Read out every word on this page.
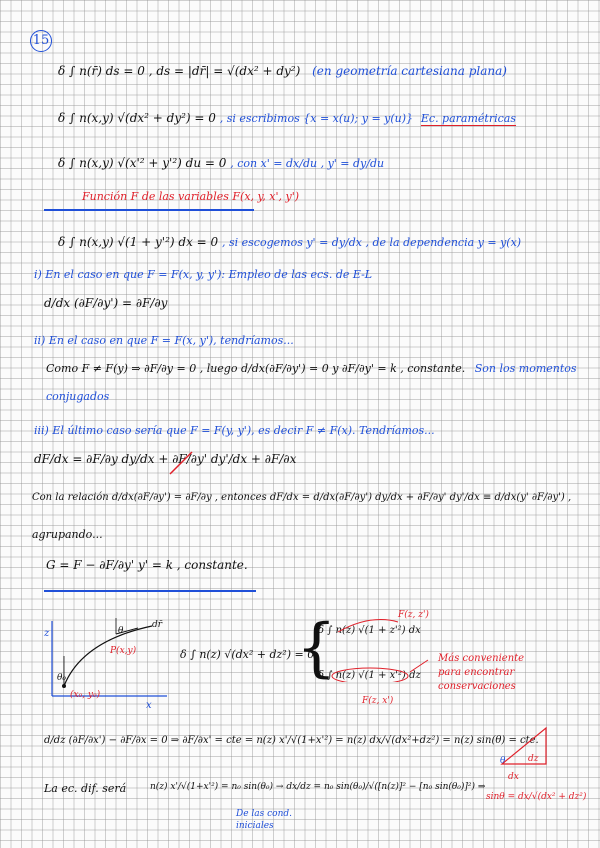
15
δ ∫ n(r̄) ds = 0 , ds = |dr̄| = √(dx² + dy²) (en geometría cartesiana plana)
δ ∫ n(x,y) √(dx² + dy²) = 0 , si escribimos {x = x(u); y = y(u)} Ec. paramétricas
δ ∫ n(x,y) √(x'² + y'²) du = 0 , con x' = dx/du , y' = dy/du
Función F de las variables F(x, y, x', y')
δ ∫ n(x,y) √(1 + y'²) dx = 0 , si escogemos y' = dy/dx , de la dependencia y = y(x)
i) En el caso en que F = F(x, y, y'): Empleo de las ecs. de E-L
d/dx (∂F/∂y') = ∂F/∂y
ii) En el caso en que F = F(x, y'), tendríamos...
Como F ≠ F(y) ⇒ ∂F/∂y = 0 , luego d/dx(∂F/∂y') = 0 y ∂F/∂y' = k , constante. Son los momentos
conjugados
iii) El último caso sería que F = F(y, y'), es decir F ≠ F(x). Tendríamos...
dF/dx = ∂F/∂y dy/dx + ∂F/∂y' dy'/dx + ∂F/∂x
Con la relación d/dx(∂F/∂y') = ∂F/∂y , entonces dF/dx = d/dx(∂F/∂y') dy/dx + ∂F/∂y' dy'/dx ≡ d/dx(y' ∂F/∂y') ,
agrupando...
G = F − ∂F/∂y' y' = k , constante.
z
x
P(x,y)
(x₀, y₀)
θ₀
θ
dr̄
δ ∫ n(z) √(dx² + dz²) = 0
{
δ ∫ n(z) √(1 + z'²) dx
F(z, z')
δ ∫ n(z) √(1 + x'²) dz
F(z, x')
Más conveniente para encontrar conservaciones
d/dz (∂F/∂x') − ∂F/∂x = 0 ⇒ ∂F/∂x' = cte = n(z) x'/√(1+x'²) = n(z) dx/√(dx²+dz²) = n(z) sin(θ) = cte.
θ	dz
dx
sinθ = dx/√(dx² + dz²)
La ec. dif. será	n(z) x'/√(1+x'²) = n₀ sin(θ₀) → dx/dz = n₀ sin(θ₀)/√([n(z)]² − [n₀ sin(θ₀)]²) ⇒
De las cond. iniciales
